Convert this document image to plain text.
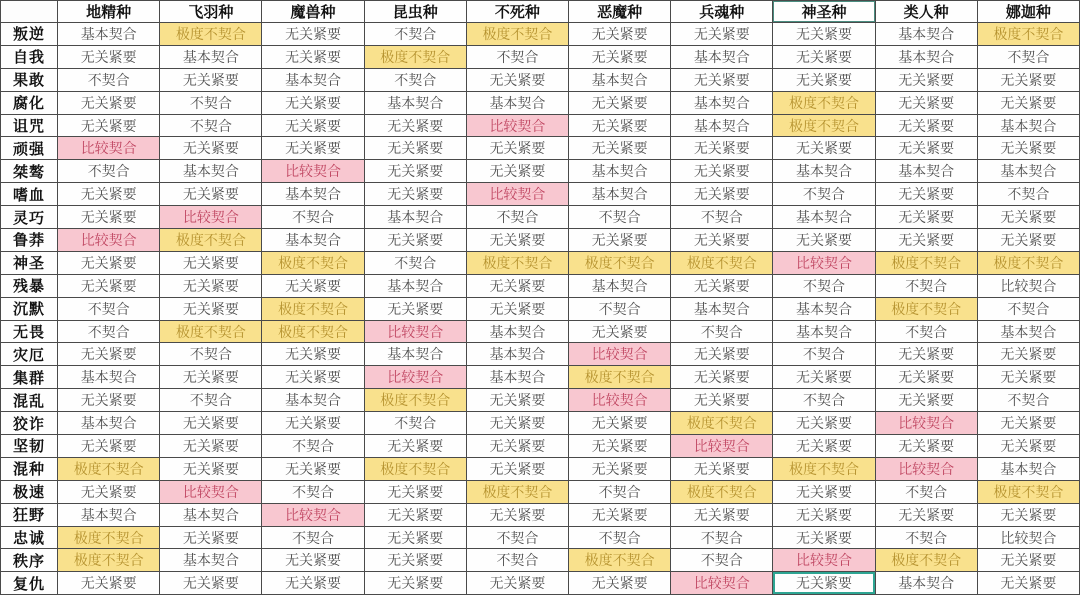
	地精种	飞羽种	魔兽种	昆虫种	不死种	恶魔种	兵魂种	神圣种	类人种	娜迦种
叛逆	基本契合	极度不契合	无关紧要	不契合	极度不契合	无关紧要	无关紧要	无关紧要	基本契合	极度不契合
自我	无关紧要	基本契合	无关紧要	极度不契合	不契合	无关紧要	基本契合	无关紧要	基本契合	不契合
果敢	不契合	无关紧要	基本契合	不契合	无关紧要	基本契合	无关紧要	无关紧要	无关紧要	无关紧要
腐化	无关紧要	不契合	无关紧要	基本契合	基本契合	无关紧要	基本契合	极度不契合	无关紧要	无关紧要
诅咒	无关紧要	不契合	无关紧要	无关紧要	比较契合	无关紧要	基本契合	极度不契合	无关紧要	基本契合
顽强	比较契合	无关紧要	无关紧要	无关紧要	无关紧要	无关紧要	无关紧要	无关紧要	无关紧要	无关紧要
桀骜	不契合	基本契合	比较契合	无关紧要	无关紧要	基本契合	无关紧要	基本契合	基本契合	基本契合
嗜血	无关紧要	无关紧要	基本契合	无关紧要	比较契合	基本契合	无关紧要	不契合	无关紧要	不契合
灵巧	无关紧要	比较契合	不契合	基本契合	不契合	不契合	不契合	基本契合	无关紧要	无关紧要
鲁莽	比较契合	极度不契合	基本契合	无关紧要	无关紧要	无关紧要	无关紧要	无关紧要	无关紧要	无关紧要
神圣	无关紧要	无关紧要	极度不契合	不契合	极度不契合	极度不契合	极度不契合	比较契合	极度不契合	极度不契合
残暴	无关紧要	无关紧要	无关紧要	基本契合	无关紧要	基本契合	无关紧要	不契合	不契合	比较契合
沉默	不契合	无关紧要	极度不契合	无关紧要	无关紧要	不契合	基本契合	基本契合	极度不契合	不契合
无畏	不契合	极度不契合	极度不契合	比较契合	基本契合	无关紧要	不契合	基本契合	不契合	基本契合
灾厄	无关紧要	不契合	无关紧要	基本契合	基本契合	比较契合	无关紧要	不契合	无关紧要	无关紧要
集群	基本契合	无关紧要	无关紧要	比较契合	基本契合	极度不契合	无关紧要	无关紧要	无关紧要	无关紧要
混乱	无关紧要	不契合	基本契合	极度不契合	无关紧要	比较契合	无关紧要	不契合	无关紧要	不契合
狡诈	基本契合	无关紧要	无关紧要	不契合	无关紧要	无关紧要	极度不契合	无关紧要	比较契合	无关紧要
坚韧	无关紧要	无关紧要	不契合	无关紧要	无关紧要	无关紧要	比较契合	无关紧要	无关紧要	无关紧要
混种	极度不契合	无关紧要	无关紧要	极度不契合	无关紧要	无关紧要	无关紧要	极度不契合	比较契合	基本契合
极速	无关紧要	比较契合	不契合	无关紧要	极度不契合	不契合	极度不契合	无关紧要	不契合	极度不契合
狂野	基本契合	基本契合	比较契合	无关紧要	无关紧要	无关紧要	无关紧要	无关紧要	无关紧要	无关紧要
忠诚	极度不契合	无关紧要	不契合	无关紧要	不契合	不契合	不契合	无关紧要	不契合	比较契合
秩序	极度不契合	基本契合	无关紧要	无关紧要	不契合	极度不契合	不契合	比较契合	极度不契合	无关紧要
复仇	无关紧要	无关紧要	无关紧要	无关紧要	无关紧要	无关紧要	比较契合	无关紧要	基本契合	无关紧要
